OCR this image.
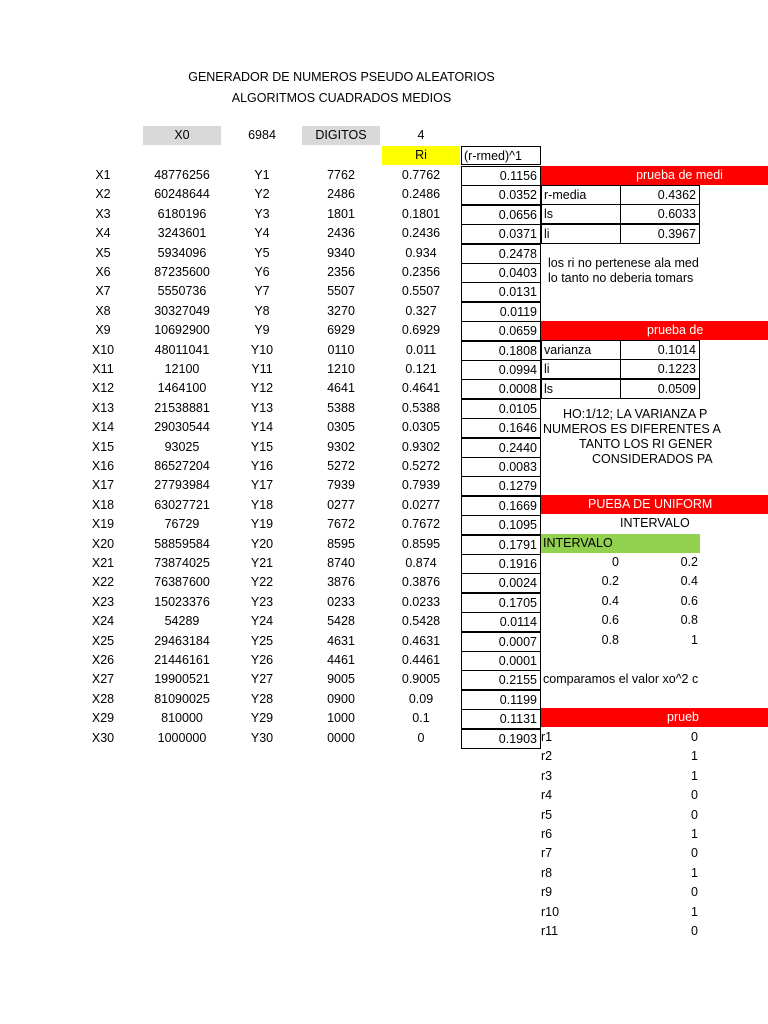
GENERADOR DE NUMEROS PSEUDO ALEATORIOS
ALGORITMOS CUADRADOS MEDIOS
X0	6984	DIGITOS	4
Ri	(r-rmed)^1
X1	48776256	Y1	7762	0.7762	0.1156
X2	60248644	Y2	2486	0.2486	0.0352
X3	6180196	Y3	1801	0.1801	0.0656
X4	3243601	Y4	2436	0.2436	0.0371
X5	5934096	Y5	9340	0.934	0.2478
X6	87235600	Y6	2356	0.2356	0.0403
X7	5550736	Y7	5507	0.5507	0.0131
X8	30327049	Y8	3270	0.327	0.0119
X9	10692900	Y9	6929	0.6929	0.0659
X10	48011041	Y10	0110	0.011	0.1808
X11	12100	Y11	1210	0.121	0.0994
X12	1464100	Y12	4641	0.4641	0.0008
X13	21538881	Y13	5388	0.5388	0.0105
X14	29030544	Y14	0305	0.0305	0.1646
X15	93025	Y15	9302	0.9302	0.2440
X16	86527204	Y16	5272	0.5272	0.0083
X17	27793984	Y17	7939	0.7939	0.1279
X18	63027721	Y18	0277	0.0277	0.1669
X19	76729	Y19	7672	0.7672	0.1095
X20	58859584	Y20	8595	0.8595	0.1791
X21	73874025	Y21	8740	0.874	0.1916
X22	76387600	Y22	3876	0.3876	0.0024
X23	15023376	Y23	0233	0.0233	0.1705
X24	54289	Y24	5428	0.5428	0.0114
X25	29463184	Y25	4631	0.4631	0.0007
X26	21446161	Y26	4461	0.4461	0.0001
X27	19900521	Y27	9005	0.9005	0.2155
X28	81090025	Y28	0900	0.09	0.1199
X29	810000	Y29	1000	0.1	0.1131
X30	1000000	Y30	0000	0	0.1903
prueba de medi
r-media	0.4362
ls	0.6033
li	0.3967
los ri no pertenese ala med
lo tanto no deberia tomars
prueba de
varianza	0.1014
li	0.1223
ls	0.0509
HO:1/12; LA VARIANZA P
NUMEROS ES DIFERENTES A
TANTO LOS RI GENER
CONSIDERADOS PA
PUEBA DE UNIFORM
INTERVALO
INTERVALO
0	0.2
0.2	0.4
0.4	0.6
0.6	0.8
0.8	1
comparamos el valor xo^2 c
prueb
r1	0
r2	1
r3	1
r4	0
r5	0
r6	1
r7	0
r8	1
r9	0
r10	1
r11	0
